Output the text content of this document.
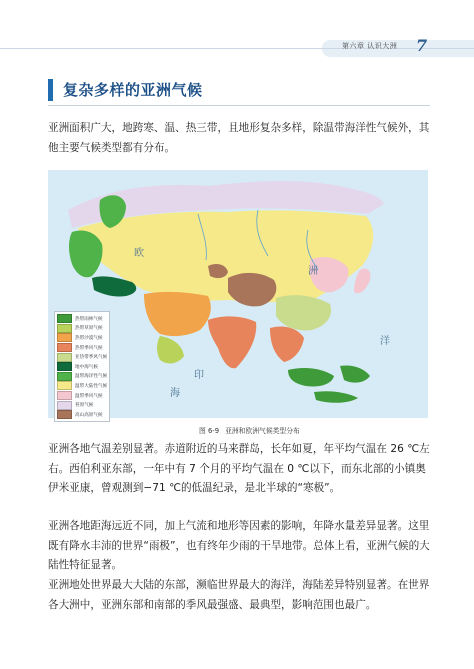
第六章 认识大洲 7
复杂多样的亚洲气候
亚洲面积广大，地跨寒、温、热三带，且地形复杂多样，除温带海洋性气候外，其他主要气候类型都有分布。
欧
洲
印
洋
海
热带雨林气候
热带草原气候
热带沙漠气候
热带季风气候
亚热带季风气候
地中海气候
温带海洋性气候
温带大陆性气候
温带季风气候
苔原气候
高山高原气候
图 6-9 亚洲和欧洲气候类型分布
亚洲各地气温差别显著。赤道附近的马来群岛，长年如夏，年平均气温在 26 ℃左右。西伯利亚东部，一年中有 7 个月的平均气温在 0 ℃以下，而东北部的小镇奥伊米亚康，曾观测到−71 ℃的低温纪录，是北半球的“寒极”。
亚洲各地距海远近不同，加上气流和地形等因素的影响，年降水量差异显著。这里既有降水丰沛的世界“雨极”，也有终年少雨的干旱地带。总体上看，亚洲气候的大陆性特征显著。
亚洲地处世界最大大陆的东部，濒临世界最大的海洋，海陆差异特别显著。在世界各大洲中，亚洲东部和南部的季风最强盛、最典型，影响范围也最广。
